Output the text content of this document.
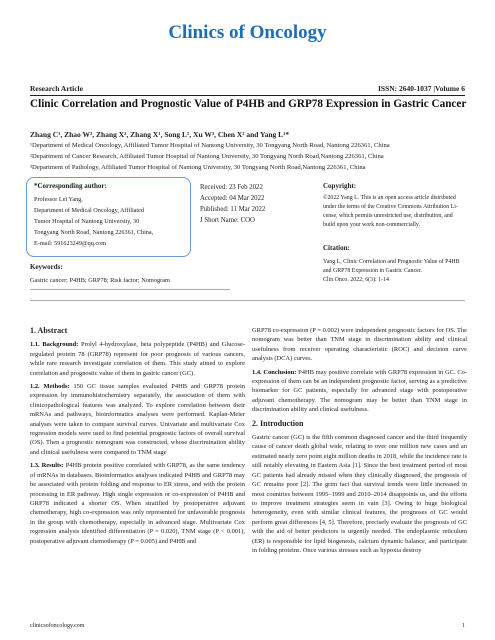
Clinics of Oncology
Research Article	ISSN: 2640-1037 |Volume 6
Clinic Correlation and Prognostic Value of P4HB and GRP78 Expression in Gastric Cancer
Zhang C¹, Zhao W², Zhang X², Zhang X¹, Song L¹, Xu W³, Chen X² and Yang L¹*
¹Department of Medical Oncology, Affiliated Tumor Hospital of Nantong University, 30 Tongyang North Road, Nantong 226361, China
²Department of Cancer Research, Affiliated Tumor Hospital of Nantong University, 30 Tongyang North Road,Nantong 226361, China
³Department of Pathology, Affiliated Tumor Hospital of Nantong University, 30 Tongyang North Road,Nantong 226361, China
*Corresponding author:
Professor Lei Yang,
Department of Medical Oncology, Affiliated
Tumor Hospital of Nantong University, 30
Tongyang North Road, Nantong 226361, China,
E-mail: 591623249@qq.com
Received: 23 Feb 2022
Accepted: 04 Mar 2022
Published: 11 Mar 2022
J Short Name: COO
Copyright:
©2022 Yang L. This is an open access article distributed
under the terms of the Creative Commons Attribution Li-
cense, which permits unrestricted use, distribution, and
build upon your work non-commercially.
Citation:
Yang L, Clinic Correlation and Prognostic Value of P4HB
and GRP78 Expression in Gastric Cancer.
Clin Onco. 2022; 6(3): 1-14
Keywords:
Gastric cancer; P4HB; GRP78; Risk factor; Nomogram

1. Abstract

1.1. Background: Prolyl 4-hydroxylase, beta polypeptide (P4HB) and Glucose-regulated protein 78 (GRP78) represent for poor prognosis of various cancers, while rare research investigate correlation of them. This study aimed to explore correlation and prognostic value of them in gastric cancer (GC).

1.2. Methods: 150 GC tissue samples evaluated P4HB and GRP78 protein expression by immunohistochemistry separately, the association of them with clinicopathological features was analyzed. To explore correlation between their mRNAs and pathways, bioinformatics analyses were performed. Kaplan-Meier analyses were taken to compare survival curves. Univariate and multivariate Cox regression models were used to find potential prognostic factors of overall survival (OS). Then a prognostic nomogram was constructed, whose discrimination ability and clinical usefulness were compared to TNM stage

1.3. Results: P4HB protein positive correlated with GRP78, as the same tendency of mRNAs in databases. Bioinformatics analyses indicated P4HB and GRP78 may be associated with protein folding and response to ER stress, and with the protein processing in ER pathway. High single expression or co-expression of P4HB and GRP78 indicated a shorter OS. When stratified by postoperative adjuvant chemotherapy, high co-expression was only represented for unfavorable prognosis in the group with chemotherapy, especially in advanced stage. Multivariate Cox regression analysis identified differentiation (P = 0.020), TNM stage (P < 0.001), postoperative adjuvant chemotherapy (P = 0.005) and P4HB and

GRP78 co-expression (P = 0.002) were independent prognostic factors for OS. The nomogram was better than TNM stage in discrimination ability and clinical usefulness from receiver operating characteristic (ROC) and decision curve analysis (DCA) curves.

1.4. Conclusion: P4HB may positive correlate with GRP78 expression in GC. Co-expression of them can be an independent prognostic factor, serving as a predictive biomarker for GC patients, especially for advanced stage with postoperative adjuvant chemotherapy. The nomogram may be better than TNM stage in discrimination ability and clinical usefulness.

2. Introduction

Gastric cancer (GC) is the fifth common diagnosed cancer and the third frequently cause of cancer death global wide, relating to over one million new cases and an estimated nearly zero point eight million deaths in 2018, while the incidence rate is still notably elevating in Eastern Asia [1]. Since the best treatment period of most GC patients had already missed when they clinically diagnosed, the prognosis of GC remains poor [2]. The grim fact that survival trends were little increased in most countries between 1995–1999 and 2010–2014 disappoints us, and the efforts to improve treatment strategies seem in vain [3]. Owing to huge biological heterogeneity, even with similar clinical features, the prognoses of GC would perform great differences [4, 5]. Therefore, precisely evaluate the prognosis of GC with the aid of better predictors is urgently needed. The endoplasmic reticulum (ER) is responsible for lipid biogenesis, calcium dynamic balance, and participate in folding proteins. Once various stresses such as hypoxia destroy

clinicsofoncology.com	1
